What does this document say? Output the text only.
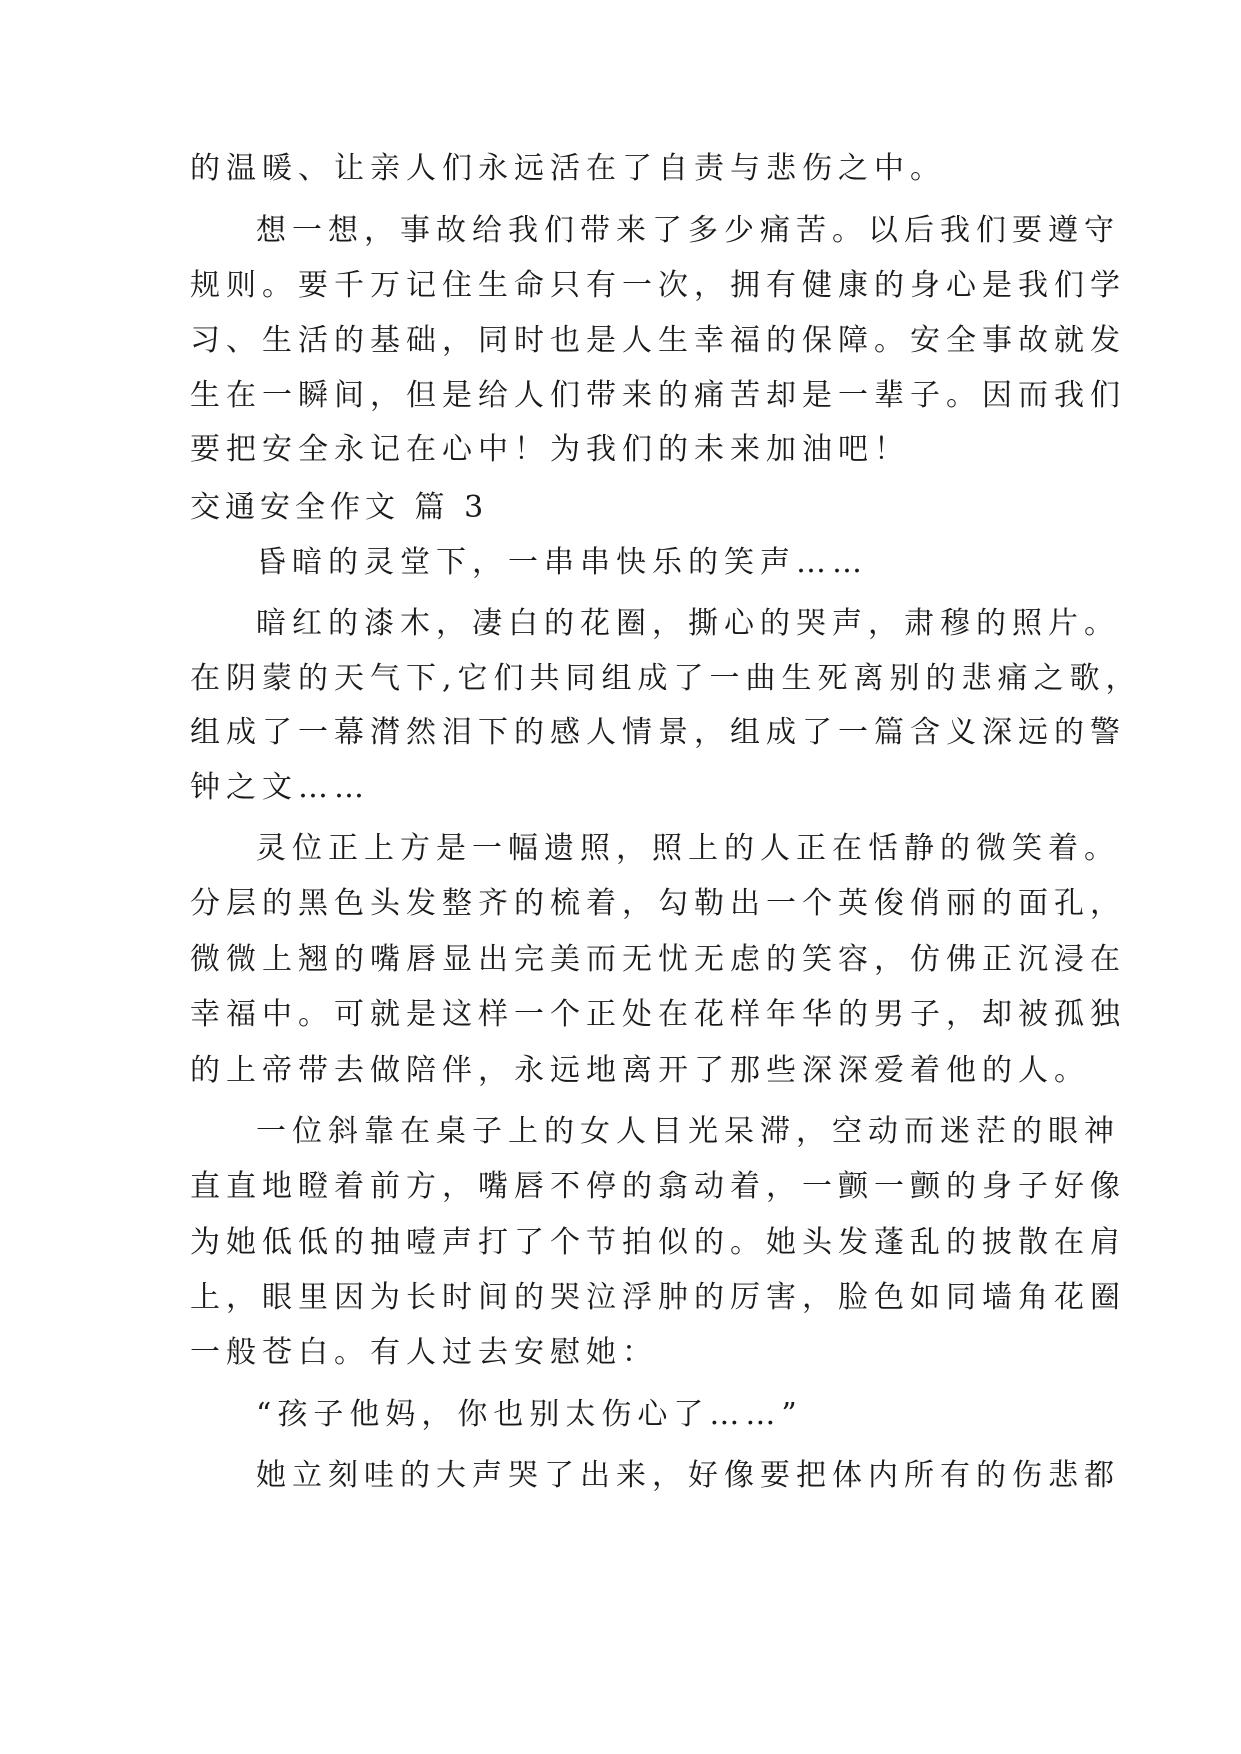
的温暖、让亲人们永远活在了自责与悲伤之中。
想一想，事故给我们带来了多少痛苦。以后我们要遵守
规则。要千万记住生命只有一次，拥有健康的身心是我们学
习、生活的基础，同时也是人生幸福的保障。安全事故就发
生在一瞬间，但是给人们带来的痛苦却是一辈子。因而我们
要把安全永记在心中！为我们的未来加油吧！
交通安全作文 篇 3
昏暗的灵堂下，一串串快乐的笑声……
暗红的漆木，凄白的花圈，撕心的哭声，肃穆的照片。
在阴蒙的天气下,它们共同组成了一曲生死离别的悲痛之歌，
组成了一幕潸然泪下的感人情景，组成了一篇含义深远的警
钟之文……
灵位正上方是一幅遗照，照上的人正在恬静的微笑着。
分层的黑色头发整齐的梳着，勾勒出一个英俊俏丽的面孔，
微微上翘的嘴唇显出完美而无忧无虑的笑容，仿佛正沉浸在
幸福中。可就是这样一个正处在花样年华的男子，却被孤独
的上帝带去做陪伴，永远地离开了那些深深爱着他的人。
一位斜靠在桌子上的女人目光呆滞，空动而迷茫的眼神
直直地瞪着前方，嘴唇不停的翕动着，一颤一颤的身子好像
为她低低的抽噎声打了个节拍似的。她头发蓬乱的披散在肩
上，眼里因为长时间的哭泣浮肿的厉害，脸色如同墙角花圈
一般苍白。有人过去安慰她：
“孩子他妈，你也别太伤心了……”
她立刻哇的大声哭了出来，好像要把体内所有的伤悲都
